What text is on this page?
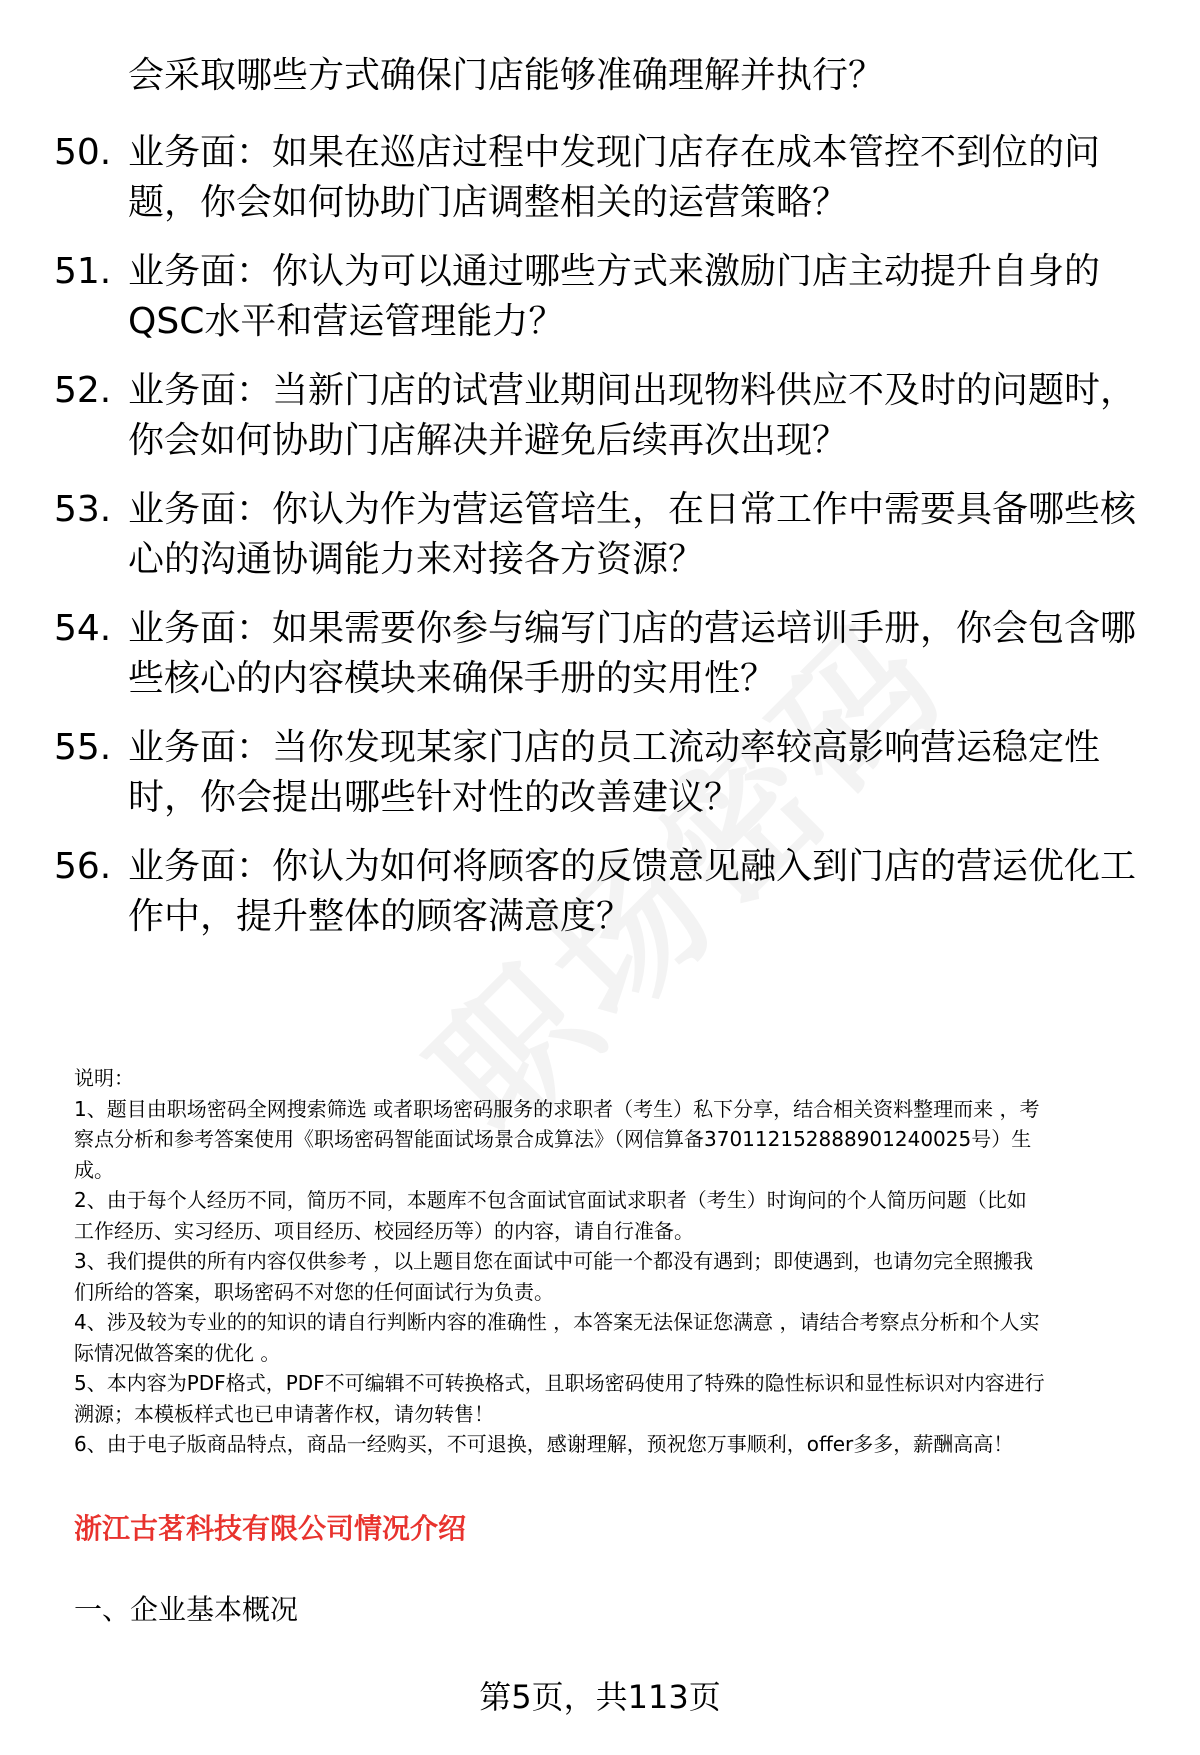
会采取哪些方式确保门店能够准确理解并执行？
50. 业务面：如果在巡店过程中发现门店存在成本管控不到位的问
题，你会如何协助门店调整相关的运营策略？
51. 业务面：你认为可以通过哪些方式来激励门店主动提升自身的
QSC水平和营运管理能力？
52. 业务面：当新门店的试营业期间出现物料供应不及时的问题时，
你会如何协助门店解决并避免后续再次出现？
53. 业务面：你认为作为营运管培生，在日常工作中需要具备哪些核
心的沟通协调能力来对接各方资源？
54. 业务面：如果需要你参与编写门店的营运培训手册，你会包含哪
些核心的内容模块来确保手册的实用性？
55. 业务面：当你发现某家门店的员工流动率较高影响营运稳定性
时，你会提出哪些针对性的改善建议？
56. 业务面：你认为如何将顾客的反馈意见融入到门店的营运优化工
作中，提升整体的顾客满意度？
说明：
1、题目由职场密码全网搜索筛选 或者职场密码服务的求职者（考生）私下分享，结合相关资料整理而来 ，考
察点分析和参考答案使用《职场密码智能面试场景合成算法》（网信算备370112152888901240025号）生
成。
2、由于每个人经历不同，简历不同，本题库不包含面试官面试求职者（考生）时询问的个人简历问题（比如
工作经历、实习经历、项目经历、校园经历等）的内容，请自行准备。
3、我们提供的所有内容仅供参考 ，以上题目您在面试中可能一个都没有遇到；即使遇到，也请勿完全照搬我
们所给的答案，职场密码不对您的任何面试行为负责。
4、涉及较为专业的的知识的请自行判断内容的准确性 ，本答案无法保证您满意 ，请结合考察点分析和个人实
际情况做答案的优化 。
5、本内容为PDF格式，PDF不可编辑不可转换格式，且职场密码使用了特殊的隐性标识和显性标识对内容进行
溯源；本模板样式也已申请著作权，请勿转售！
6、由于电子版商品特点，商品一经购买，不可退换，感谢理解，预祝您万事顺利，offer多多，薪酬高高！
浙江古茗科技有限公司情况介绍
一、企业基本概况
第5页，共113页
